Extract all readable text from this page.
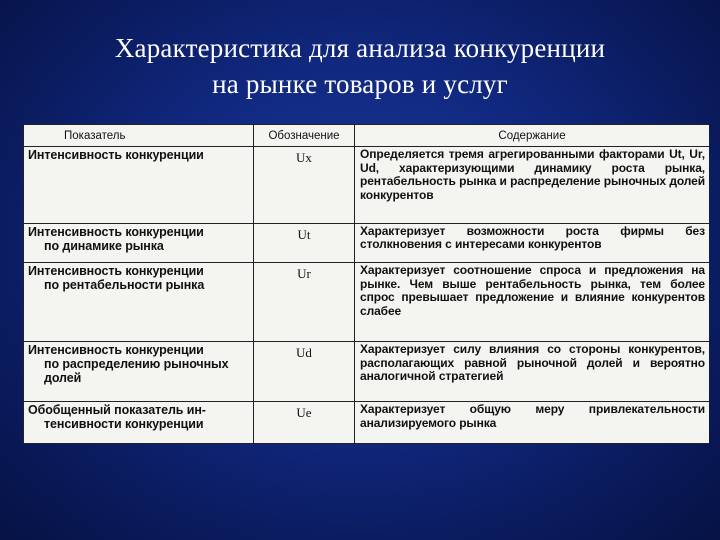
Характеристика для анализа конкуренции
на рынке товаров и услуг
Показатель	Обозначение	Содержание
Интенсивность конкуренции	Ux	Определяется тремя агрегированными факторами Ut, Ur, Ud, характеризующими динамику роста рынка, рентабельность рынка и распределение рыночных долей конкурентов
Интенсивность конкуренции
по динамике рынка	Ut	Характеризует возможности роста фирмы без столкновения с интересами конкурентов
Интенсивность конкуренции
по рентабельности рынка	Ur	Характеризует соотношение спроса и предложения на рынке. Чем выше рентабельность рынка, тем более спрос превышает предложение и влияние конкурентов слабее
Интенсивность конкуренции
по распределению рыночных
долей	Ud	Характеризует силу влияния со стороны конкурентов, располагающих равной рыночной долей и вероятно аналогичной стратегией
Обобщенный показатель ин-
тенсивности конкуренции	Ue	Характеризует общую меру привлекательности анализируемого рынка
